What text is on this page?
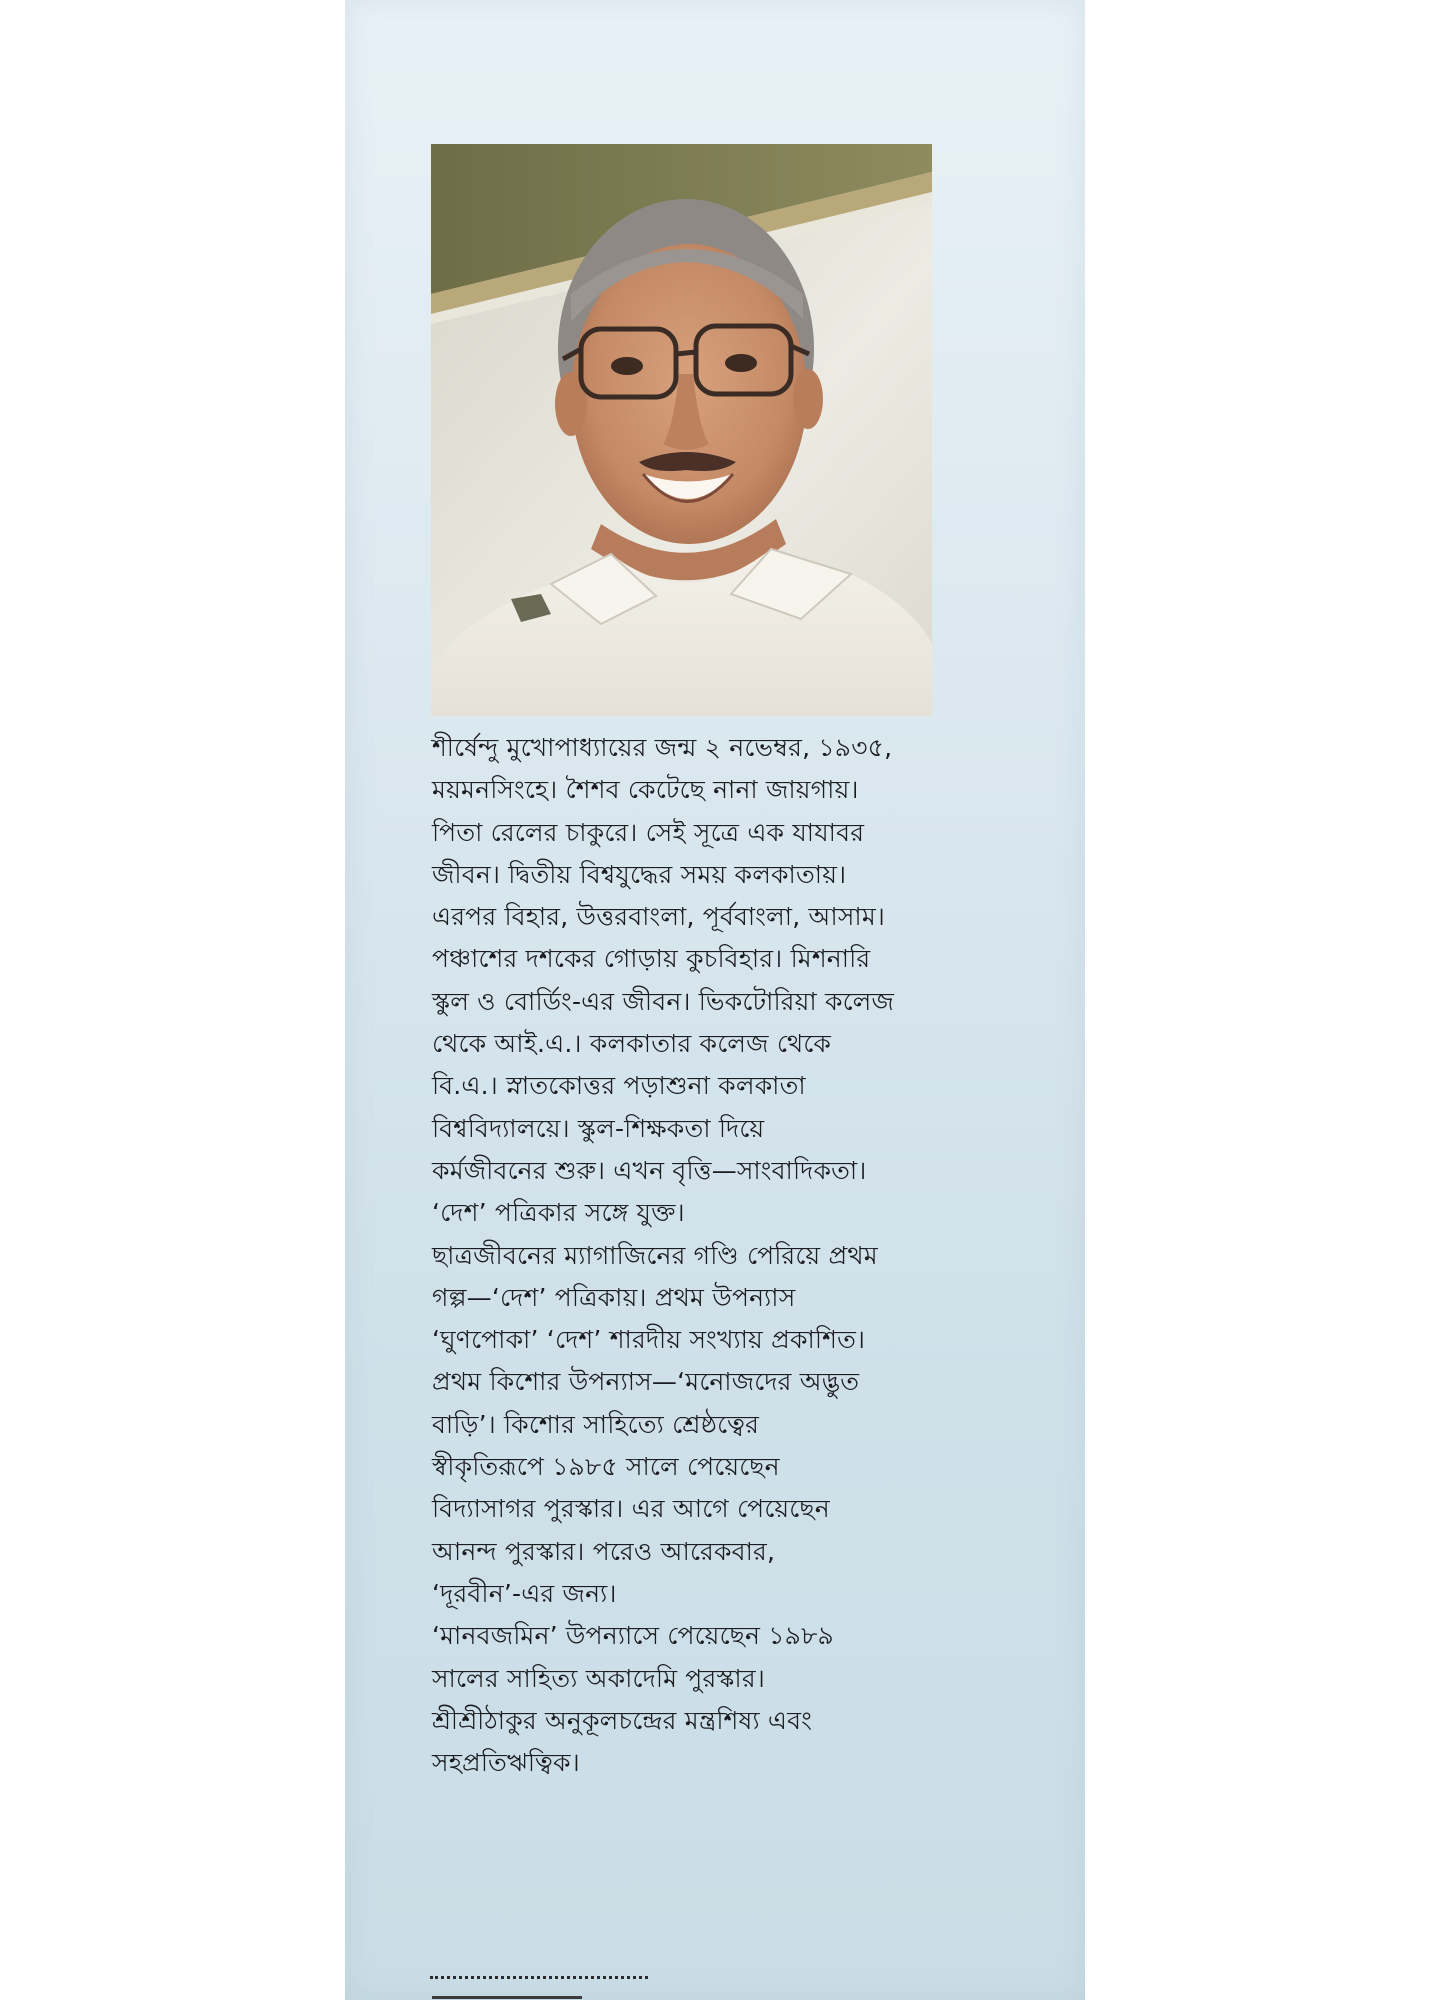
শীর্ষেন্দু মুখোপাধ্যায়ের জন্ম ২ নভেম্বর, ১৯৩৫,
ময়মনসিংহে। শৈশব কেটেছে নানা জায়গায়।
পিতা রেলের চাকুরে। সেই সূত্রে এক যাযাবর
জীবন। দ্বিতীয় বিশ্বযুদ্ধের সময় কলকাতায়।
এরপর বিহার, উত্তরবাংলা, পূর্ববাংলা, আসাম।
পঞ্চাশের দশকের গোড়ায় কুচবিহার। মিশনারি
স্কুল ও বোর্ডিং-এর জীবন। ভিকটোরিয়া কলেজ
থেকে আই.এ.। কলকাতার কলেজ থেকে
বি.এ.। স্নাতকোত্তর পড়াশুনা কলকাতা
বিশ্ববিদ্যালয়ে। স্কুল-শিক্ষকতা দিয়ে
কর্মজীবনের শুরু। এখন বৃত্তি—সাংবাদিকতা।
‘দেশ’ পত্রিকার সঙ্গে যুক্ত।
ছাত্রজীবনের ম্যাগাজিনের গণ্ডি পেরিয়ে প্রথম
গল্প—‘দেশ’ পত্রিকায়। প্রথম উপন্যাস
‘ঘুণপোকা’ ‘দেশ’ শারদীয় সংখ্যায় প্রকাশিত।
প্রথম কিশোর উপন্যাস—‘মনোজদের অদ্ভুত
বাড়ি’। কিশোর সাহিত্যে শ্রেষ্ঠত্বের
স্বীকৃতিরূপে ১৯৮৫ সালে পেয়েছেন
বিদ্যাসাগর পুরস্কার। এর আগে পেয়েছেন
আনন্দ পুরস্কার। পরেও আরেকবার,
‘দূরবীন’-এর জন্য।
‘মানবজমিন’ উপন্যাসে পেয়েছেন ১৯৮৯
সালের সাহিত্য অকাদেমি পুরস্কার।
শ্রীশ্রীঠাকুর অনুকূলচন্দ্রের মন্ত্রশিষ্য এবং
সহপ্রতিঋত্বিক।
